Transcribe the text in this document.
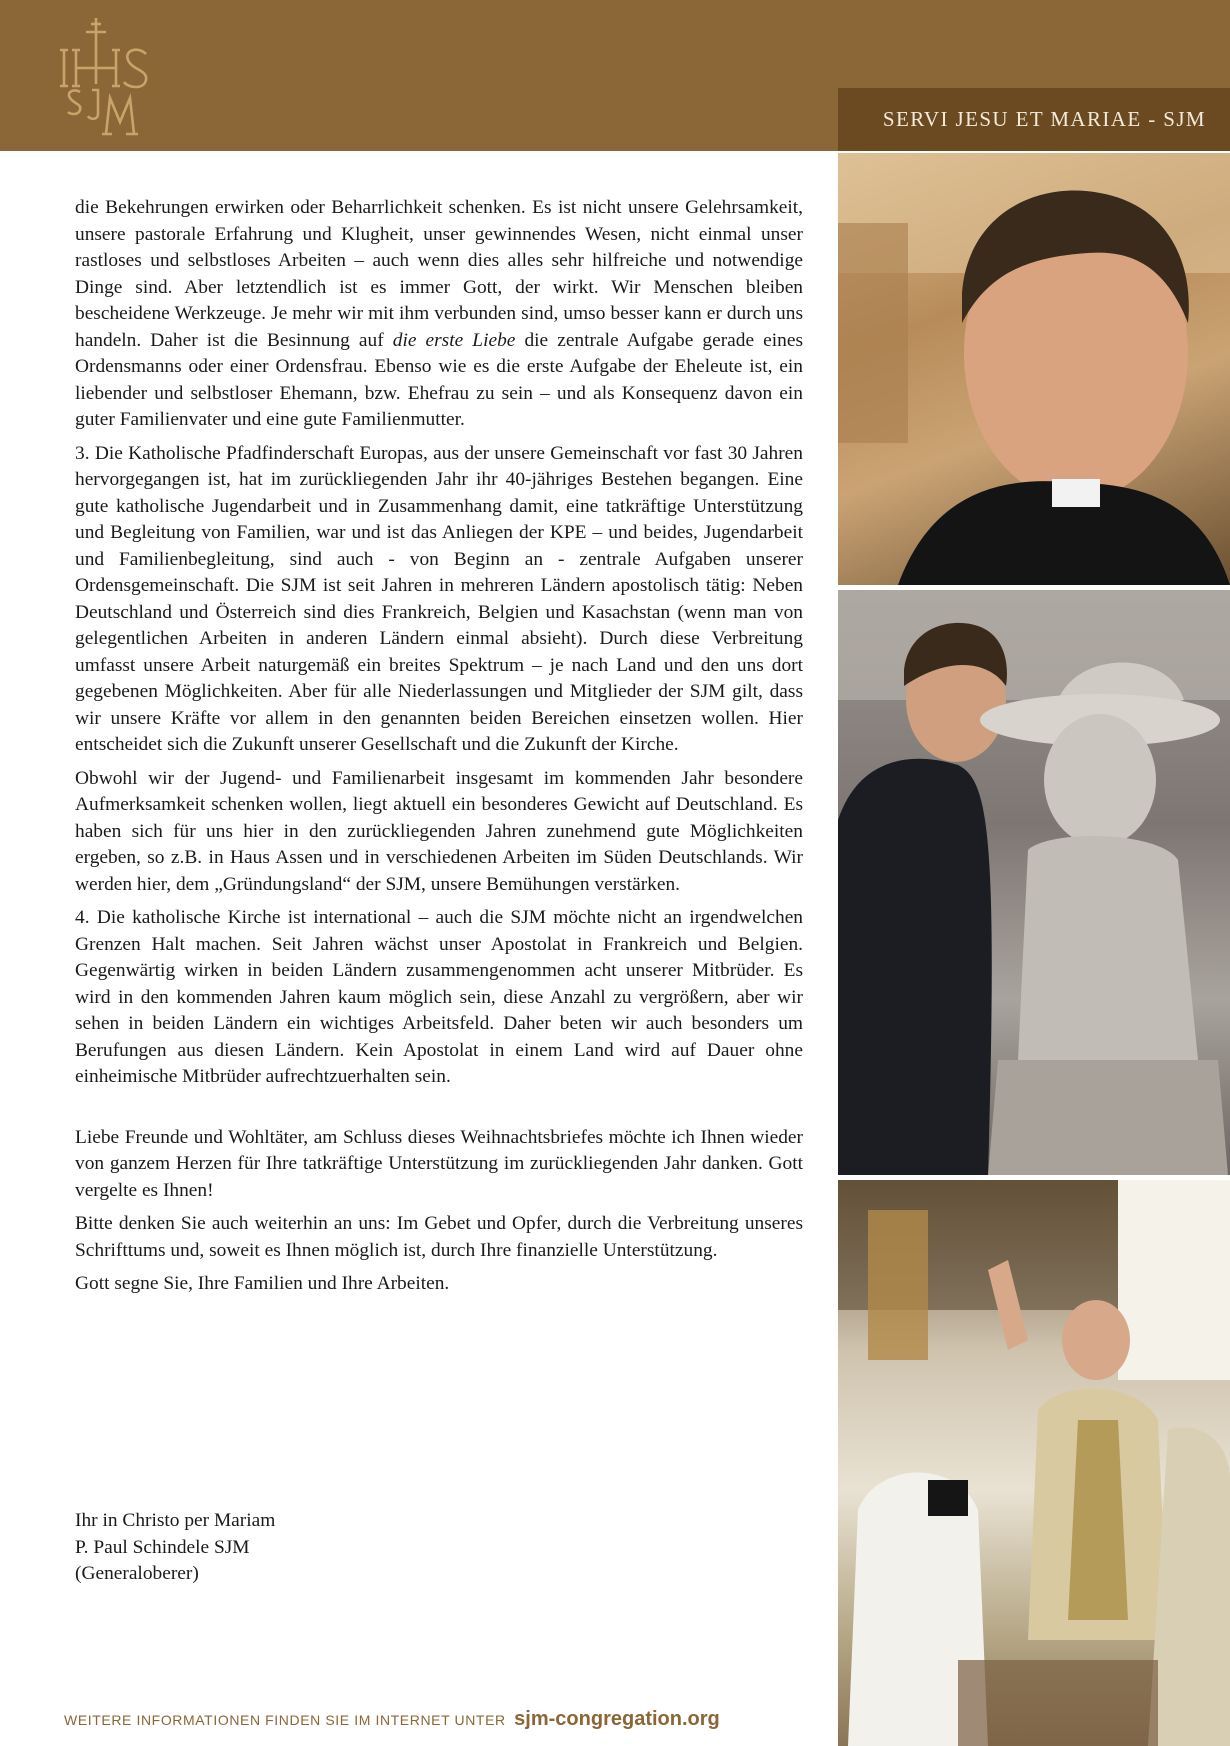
SERVI JESU ET MARIAE - SJM

die Bekehrungen erwirken oder Beharrlichkeit schenken. Es ist nicht unsere Gelehrsamkeit, unsere pastorale Erfahrung und Klugheit, unser gewinnendes Wesen, nicht einmal unser rastloses und selbstloses Arbeiten – auch wenn dies alles sehr hilfreiche und notwendige Dinge sind. Aber letztendlich ist es immer Gott, der wirkt. Wir Menschen bleiben bescheidene Werkzeuge. Je mehr wir mit ihm verbunden sind, umso besser kann er durch uns handeln. Daher ist die Besinnung auf die erste Liebe die zentrale Aufgabe gerade eines Ordensmanns oder einer Ordensfrau. Ebenso wie es die erste Aufgabe der Eheleute ist, ein liebender und selbstloser Ehemann, bzw. Ehefrau zu sein – und als Konsequenz davon ein guter Familienvater und eine gute Familienmutter.

3. Die Katholische Pfadfinderschaft Europas, aus der unsere Gemeinschaft vor fast 30 Jahren hervorgegangen ist, hat im zurückliegenden Jahr ihr 40-jähriges Bestehen begangen. Eine gute katholische Jugendarbeit und in Zusammenhang damit, eine tatkräftige Unterstützung und Begleitung von Familien, war und ist das Anliegen der KPE – und beides, Jugendarbeit und Familienbegleitung, sind auch - von Beginn an - zentrale Aufgaben unserer Ordensgemeinschaft. Die SJM ist seit Jahren in mehreren Ländern apostolisch tätig: Neben Deutschland und Österreich sind dies Frankreich, Belgien und Kasachstan (wenn man von gelegentlichen Arbeiten in anderen Ländern einmal absieht). Durch diese Verbreitung umfasst unsere Arbeit naturgemäß ein breites Spektrum – je nach Land und den uns dort gegebenen Möglichkeiten. Aber für alle Niederlassungen und Mitglieder der SJM gilt, dass wir unsere Kräfte vor allem in den genannten beiden Bereichen einsetzen wollen. Hier entscheidet sich die Zukunft unserer Gesellschaft und die Zukunft der Kirche.

Obwohl wir der Jugend- und Familienarbeit insgesamt im kommenden Jahr besondere Aufmerksamkeit schenken wollen, liegt aktuell ein besonderes Gewicht auf Deutschland. Es haben sich für uns hier in den zurückliegenden Jahren zunehmend gute Möglichkeiten ergeben, so z.B. in Haus Assen und in verschiedenen Arbeiten im Süden Deutschlands. Wir werden hier, dem „Gründungsland“ der SJM, unsere Bemühungen verstärken.

4. Die katholische Kirche ist international – auch die SJM möchte nicht an irgendwelchen Grenzen Halt machen. Seit Jahren wächst unser Apostolat in Frankreich und Belgien. Gegenwärtig wirken in beiden Ländern zusammengenommen acht unserer Mitbrüder. Es wird in den kommenden Jahren kaum möglich sein, diese Anzahl zu vergrößern, aber wir sehen in beiden Ländern ein wichtiges Arbeitsfeld. Daher beten wir auch besonders um Berufungen aus diesen Ländern. Kein Apostolat in einem Land wird auf Dauer ohne einheimische Mitbrüder aufrechtzuerhalten sein.

Liebe Freunde und Wohltäter, am Schluss dieses Weihnachtsbriefes möchte ich Ihnen wieder von ganzem Herzen für Ihre tatkräftige Unterstützung im zurückliegenden Jahr danken. Gott vergelte es Ihnen!

Bitte denken Sie auch weiterhin an uns: Im Gebet und Opfer, durch die Verbreitung unseres Schrifttums und, soweit es Ihnen möglich ist, durch Ihre finanzielle Unterstützung.

Gott segne Sie, Ihre Familien und Ihre Arbeiten.

Ihr in Christo per Mariam
P. Paul Schindele SJM
(Generaloberer)
WEITERE INFORMATIONEN FINDEN SIE IM INTERNET UNTER sjm-congregation.org
